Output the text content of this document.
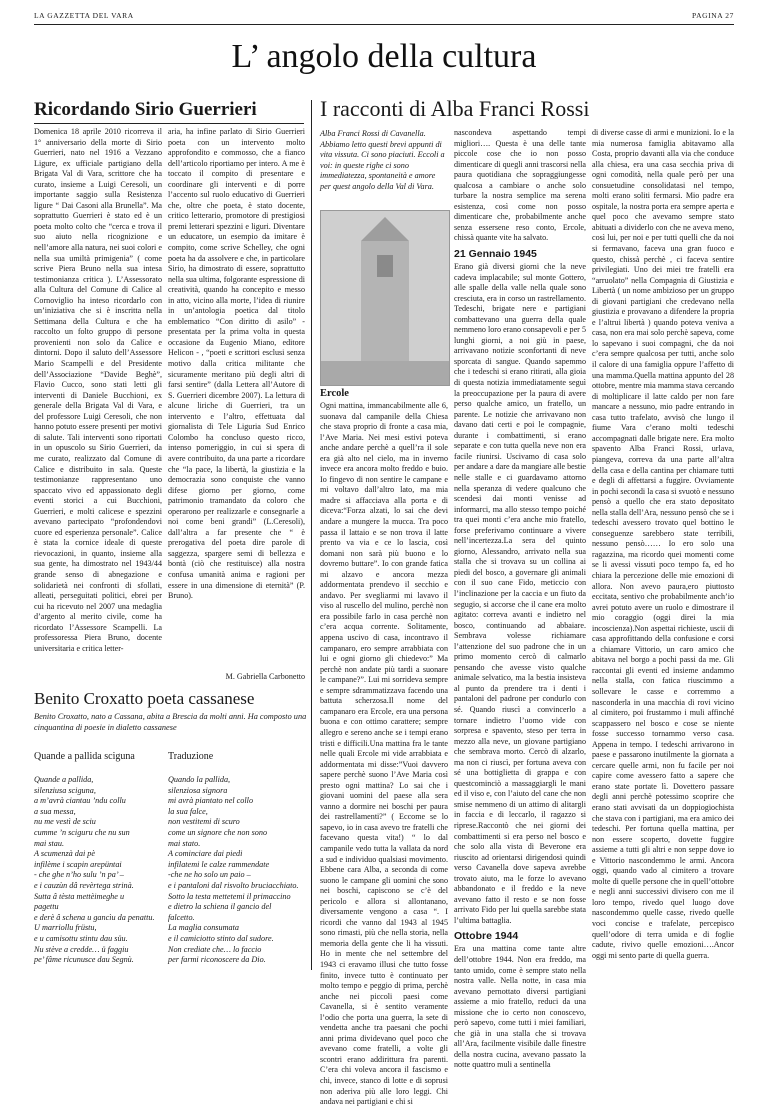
LA GAZZETTA DEL VARA	PAGINA 27
L’ angolo della cultura
Ricordando Sirio Guerrieri	I racconti di Alba Franci Rossi

Domenica 18 aprile 2010 ricorreva il 1° anniversario della morte di Sirio Guerrieri, nato nel 1916 a Vezzano Ligure, ex ufficiale partigiano della Brigata Val di Vara, scrittore che ha curato, insieme a Luigi Ceresoli, un importante saggio sulla Resistenza ligure “ Dai Casoni alla Brunella”. Ma soprattutto Guerrieri è stato ed è un poeta molto colto che “cerca e trova il suo aiuto nella ricognizione e nell’amore alla natura, nei suoi colori e nella sua umiltà primigenia” ( come scrive Piera Bruno nella sua intesa testimonianza critica ). L’Assessorato alla Cultura del Comune di Calice al Cornoviglio ha inteso ricordarlo con un’iniziativa che si è inscritta nella Settimana della Cultura e che ha raccolto un folto gruppo di persone provenienti non solo da Calice e dintorni. Dopo il saluto dell’Assessore Mario Scampelli e del Presidente dell’Associazione “Davide Beghè”, Flavio Cucco, sono stati letti gli interventi di Daniele Bucchioni, ex generale della Brigata Val di Vara, e del professore Luigi Ceresoli, che non hanno potuto essere presenti per motivi di salute. Tali interventi sono riportati in un opuscolo su Sirio Guerrieri, da me curato, realizzato dal Comune di Calice e distribuito in sala. Queste testimonianze rappresentano uno spaccato vivo ed appassionato degli eventi storici a cui Bucchioni, Guerrieri, e molti calicese e spezzini avevano partecipato “profondendovi cuore ed esperienza personale”. Calice è stata la cornice ideale di queste rievocazioni, in quanto, insieme alla sua gente, ha dimostrato nel 1943/44 grande senso di abnegazione e solidarietà nei confronti di sfollati, alleati, perseguitati politici, ebrei per cui ha ricevuto nel 2007 una medaglia d’argento al merito civile, come ha ricordato l’Assessore Scampelli. La professoressa Piera Bruno, docente universitaria e critica letter-

aria, ha infine parlato di Sirio Guerrieri poeta con un intervento molto approfondito e commosso, che a fianco dell’articolo riportiamo per intero. A me è toccato il compito di presentare e coordinare gli interventi e di porre l’accento sul ruolo educativo di Guerrieri che, oltre che poeta, è stato docente, critico letterario, promotore di prestigiosi premi letterari spezzini e liguri. Diventare un educatore, un esempio da imitare è compito, come scrive Schelley, che ogni poeta ha da assolvere e che, in particolare Sirio, ha dimostrato di essere, soprattutto nella sua ultima, folgorante espressione di creatività, quando ha concepito e messo in atto, vicino alla morte, l’idea di riunire in un’antologia poetica dal titolo emblematico “Con diritto di asilo” - presentata per la prima volta in questa occasione da Eugenio Miano, editore Helicon - , “poeti e scrittori esclusi senza motivo dalla critica militante che sicuramente meritano più degli altri di farsi sentire” (dalla Lettera all’Autore di S. Guerrieri dicembre 2007). La lettura di alcune liriche di Guerrieri, tra un intervento e l’altro, effettuata dal giornalista di Tele Liguria Sud Enrico Colombo ha concluso questo ricco, intenso pomeriggio, in cui si spera di avere contribuito, da una parte a ricordare che “la pace, la libertà, la giustizia e la democrazia sono conquiste che vanno difese giorno per giorno, come patrimonio tramandato da coloro che operarono per realizzarle e consegnarle a noi come beni grandi” (L.Ceresoli), dall’altra a far presente che “ è prerogativa del poeta dire parole di saggezza, spargere semi di bellezza e bontà (ciò che restituisce) alla nostra confusa umanità anima e ragioni per essere in una dimensione di eternità” (P. Bruno).

M. Gabriella Carbonetto
Benito Croxatto poeta cassanese
Benito Croxatto, nato a Cassana, abita a Brescia da molti anni. Ha composto una cinquantina di poesie in dialetto cassanese
Quande a pallida sciguna	Traduzione
Quande a pallida,
silenziusa sciguna,
a m’avrà ciantau ’ndu collu
a sua messa,
nu me vestì de sciu
cumme ’n sciguru che nu sun
mai stau.
A scumenzà dai pè
infilème i scapin arepüntai
- che ghe n’ho sulu ’n pa’ –
e i cauzùn dâ revèrtega strinà.
Sutta â tèsta mettèimeghe u
pagettu
e derè â schena u gancìu da penattu.
U marriollu früstu,
e u camisottu stintu dau süu.
Nu stève a credde… ü faggiu
pe’ fâme ricunusce dau Segnù.
Quando la pallida,
silenziosa signora
mi avrà piantato nel collo
la sua falce,
non vestitemi di scuro
come un signore che non sono
mai stato.
A cominciare dai piedi
infilatemi le calze rammendate
-che ne ho solo un paio –
e i pantaloni dal risvolto bruciacchiato.
Sotto la testa mettetemi il primaccino
e dietro la schiena il gancio del
falcetto.
La maglia consumata
e il camiciotto stinto dal sudore.
Non crediate che… lo faccio
per farmi riconoscere da Dio.
Alba Franci Rossi di Cavanella. Abbiamo letto questi brevi appunti di vita vissuta. Ci sono piaciuti. Eccoli a voi: in queste righe ci sono immediatezza, spontaneità e amore per quest angolo della Val di Vara.
Ercole

Ogni mattina, immancabilmente alle 6, suonava dal campanile della Chiesa che stava proprio di fronte a casa mia, l’Ave Maria. Nei mesi estivi poteva anche andare perchè a quell’ra il sole era già alto nel cielo, ma in inverno invece era ancora molto freddo e buio. Io fingevo di non sentire le campane e mi voltavo dall’altro lato, ma mia madre si affacciava alla porta e di diceva:“Forza alzati, lo sai che devi andare a mungere la mucca. Tra poco passa il lattaio e se non trova il latte prento va via e ce lo lascia, così domani non sarà più buono e lo dovremo buttare”. Io con grande fatica mi alzavo e ancora mezza addormentata prendevo il secchio e andavo. Per svegliarmi mi lavavo il viso al ruscello del mulino, perchè non era possibile farlo in casa perchè non c’era acqua corrente. Solitamente, appena uscivo di casa, incontravo il campanaro, ero sempre arrabbiata con lui e ogni giorno gli chiedevo:” Ma perchè non andate più tardi a suonare le campane?”. Lui mi sorrideva sempre e sempre sdrammatizzava facendo una battuta scherzosa.Il nome del campanaro era Ercole, era una persona buona e con ottimo carattere; sempre allegro e sereno anche se i tempi erano tristi e difficili.Una mattina fra le tante nelle quali Ercole mi vide arrabbiata e addormentata mi disse:”Vuoi davvero sapere perchè suono l’Ave Maria così presto ogni mattina? Lo sai che i giovani uomini del paese alla sera vanno a dormire nei boschi per paura dei rastrellamenti?” ( Eccome se lo sapevo, io in casa avevo tre fratelli che facevano questa vita!) “ lo dal campanile vedo tutta la vallata da nord a sud e individuo qualsiasi movimento. Ebbene cara Alba, a seconda di come suono le campane gli uomini che sono nei boschi, capiscono se c’è del pericolo e allora si allontanano, diversamente vengono a casa “. I ricordi che vanno dal 1943 al 1945 sono rimasti, più che nella storia, nella memoria della gente che li ha vissuti. Ho in mente che nel settembre del 1943 ci eravamo illusi che tutto fosse finito, invece tutto è continuato per molto tempo e peggio di prima, perchè anche nei piccoli paesi come Cavanella, si è sentito veramente l’odio che porta una guerra, la sete di vendetta anche tra paesani che pochi anni prima dividevano quel poco che avevano come fratelli, a volte gli scontri erano addirittura fra parenti. C’era chi voleva ancora il fascismo e chi, invece, stanco di lotte e di soprusi non aderiva più alle loro leggi. Chi andava nei partigiani e chi si

nascondeva aspettando tempi migliori…. Questa è una delle tante piccole cose che io non posso dimenticare di quegli anni trascorsi nella paura quotidiana che sopraggiungesse qualcosa a cambiare o anche solo turbare la nostra semplice ma serena esistenza, così come non posso dimenticare che, probabilmente anche senza essersene reso conto, Ercole, chissà quante vite ha salvato.

21 Gennaio 1945

Erano già diversi giorni che la neve cadeva implacabile; sul monte Gottero, alle spalle della valle nella quale sono cresciuta, era in corso un rastrellamento. Tedeschi, brigate nere e partigiani combattevano una guerra della quale nemmeno loro erano consapevoli e per 5 lunghi giorni, a noi giù in paese, arrivavano notizie sconfortanti di neve sporcata di sangue. Quando sapemmo che i tedeschi si erano ritirati, alla gioia di questa notizia immediatamente seguì la preoccupazione per la paura di avere perso qualche amico, un fratello, un parente. Le notizie che arrivavano non davano dati certi e poi le compagnie, durante i combattimenti, si erano separate e con tutta quella neve non era facile riunirsi. Uscivamo di casa solo per andare a dare da mangiare alle bestie nelle stalle e ci guardavamo attorno nella speranza di vedere qualcuno che scendesi dai monti venisse ad informarci, ma allo stesso tempo poiché tra quei monti c’era anche mio fratello, forse preferivamo continuare a vivere nell’incertezza.La sera del quinto giorno, Alessandro, arrivato nella sua stalla che si trovava su un collina ai piedi del bosco, a governare gli animali con il suo cane Fido, meticcio con l’inclinazione per la caccia e un fiuto da segugio, si accorse che il cane era molto agitato: correva avanti e indietro nel bosco, continuando ad abbaiare. Sembrava volesse richiamare l’attenzione del suo padrone che in un primo momento cercò di calmarlo pensando che avesse visto qualche animale selvatico, ma la bestia insisteva al punto da prendere tra i denti i pantaloni del padrone per condurlo con sé. Quando riuscì a convincerlo a tornare indietro l’uomo vide con sorpresa e spavento, steso per terra in mezzo alla neve, un giovane partigiano che sembrava morto. Cercò di alzarlo, ma non ci riuscì, per fortuna aveva con sé una bottiglietta di grappa e con questcominciò a massaggiargli le mani ed il viso e, con l’aiuto del cane che non smise nemmeno di un attimo di alitargli in faccia e di leccarlo, il ragazzo si riprese.Raccontò che nei giorni dei combattimenti si era perso nel bosco e che solo alla vista di Beverone era riuscito ad orientarsi dirigendosi quindi verso Cavanella dove sapeva avrebbe trovato aiuto, ma le forze lo avevano abbandonato e il freddo e la neve avevano fatto il resto e se non fosse arrivato Fido per lui quella sarebbe stata l’ultima battaglia.

Ottobre 1944

Era una mattina come tante altre dell’ottobre 1944. Non era freddo, ma tanto umido, come è sempre stato nella nostra valle. Nella notte, in casa mia avevano pernottato diversi partigiani assieme a mio fratello, reduci da una missione che io certo non conoscevo, però sapevo, come tutti i miei familiari, che già in una stalla che si trovava all’Ara, facilmente visibile dalle finestre della nostra cucina, avevano passato la notte quattro muli a sentinella

di diverse casse di armi e munizioni. Io e la mia numerosa famiglia abitavamo alla Costa, proprio davanti alla via che conduce alla chiesa, era una casa secchia priva di ogni comodità, nella quale però per una consuetudine consolidatasi nel tempo, molti erano soliti fermarsi. Mio padre era ospitale, la nostra porta era sempre aperta e quel poco che avevamo sempre stato abituati a dividerlo con che ne aveva meno, così lui, per noi e per tutti quelli che da noi si fermavano, faceva una gran fuoco e questo, chissà perchè , ci faceva sentire privilegiati. Uno dei miei tre fratelli era “arruolato” nella Compagnia di Giustizia e Libertà ( un nome ambizioso per un gruppo di giovani partigiani che credevano nella giustizia e provavano a difendere la propria e l’altrui libertà ) quando poteva veniva a casa, non era mai solo perchè sapeva, come lo sapevano i suoi compagni, che da noi c’era sempre qualcosa per tutti, anche solo il calore di una famiglia oppure l’affetto di una mamma.Quella mattina appunto del 28 ottobre, mentre mia mamma stava cercando di moltiplicare il latte caldo per non fare mancare a nessuno, mio padre entrando in casa tutto trafelato, avvisò che lungo il fiume Vara c’erano molti tedeschi accompagnati dalle brigate nere. Era molto spavento Alba Franci Rossi, urlava, piangeva, correva da una parte all’altra della casa e della cantina per chiamare tutti e degli di affettarsi a fuggire. Ovviamente in pochi secondi la casa si svuotò e nessuno pensò a quello che era stato depositato nella stalla dell’Ara, nessuno pensò che se i tedeschi avessero trovato quel bottino le conseguenze sarebbero state terribili, nessuno pensò…… Io ero solo una ragazzina, ma ricordo quei momenti come se li avessi vissuti poco tempo fa, ed ho chiara la percezione delle mie emozioni di allora. Non avevo paura,ero piuttosto eccitata, sentivo che probabilmente anch’io avrei potuto avere un ruolo e dimostrare il mio coraggio (oggi direi la mia incoscienza).Non aspettai richieste, uscii di casa approfittando della confusione e corsi a chiamare Vittorio, un caro amico che abitava nel borgo a pochi passi da me. Gli raccontai gli eventi ed insieme andammo nella stalla, con fatica riuscimmo a sollevare le casse e corremmo a nasconderla in una macchia di rovi vicino al cimitero, poi frustammo i muli affinché scappassero nel bosco e cose se niente fosse successo tornammo verso casa. Appena in tempo. I tedeschi arrivarono in paese e passarono inutilmente la giornata a cercare quelle armi, non fu facile per noi capire come avessero fatto a sapere che erano state portate lì. Dovettero passare degli anni perchè potessimo scoprire che erano stati avvisati da un doppiogiochista che stava con i partigiani, ma era amico dei tedeschi. Per fortuna quella mattina, per non essere scoperto, dovette fuggire assieme a tutti gli altri e non seppe dove io e Vittorio nascondemmo le armi. Ancora oggi, quando vado al cimitero a trovare molte di quelle persone che in quell’ottobre e negli anni successivi divisero con me il loro tempo, rivedo quel luogo dove nascondemmo quelle casse, rivedo quelle voci concise e trafelate, percepisco quell’odore di terra umida e di foglie cadute, rivivo quelle emozioni….Ancor oggi mi sento parte di quella guerra.
